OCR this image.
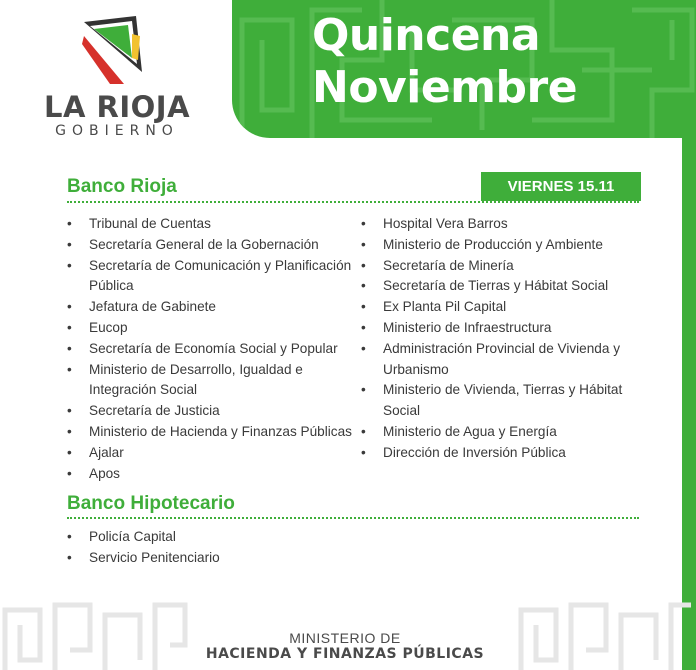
Quincena
Noviembre
LA RIOJA
GOBIERNO
Banco Rioja	VIERNES 15.11
• Tribunal de Cuentas
• Secretaría General de la Gobernación
• Secretaría de Comunicación y Planificación
Pública
• Jefatura de Gabinete
• Eucop
• Secretaría de Economía Social y Popular
• Ministerio de Desarrollo, Igualdad e
Integración Social
• Secretaría de Justicia
• Ministerio de Hacienda y Finanzas Públicas
• Ajalar
• Apos
• Hospital Vera Barros
• Ministerio de Producción y Ambiente
• Secretaría de Minería
• Secretaría de Tierras y Hábitat Social
• Ex Planta Pil Capital
• Ministerio de Infraestructura
• Administración Provincial de Vivienda y
Urbanismo
• Ministerio de Vivienda, Tierras y Hábitat
Social
• Ministerio de Agua y Energía
• Dirección de Inversión Pública
Banco Hipotecario
• Policía Capital
• Servicio Penitenciario
MINISTERIO DE
HACIENDA Y FINANZAS PÚBLICAS
